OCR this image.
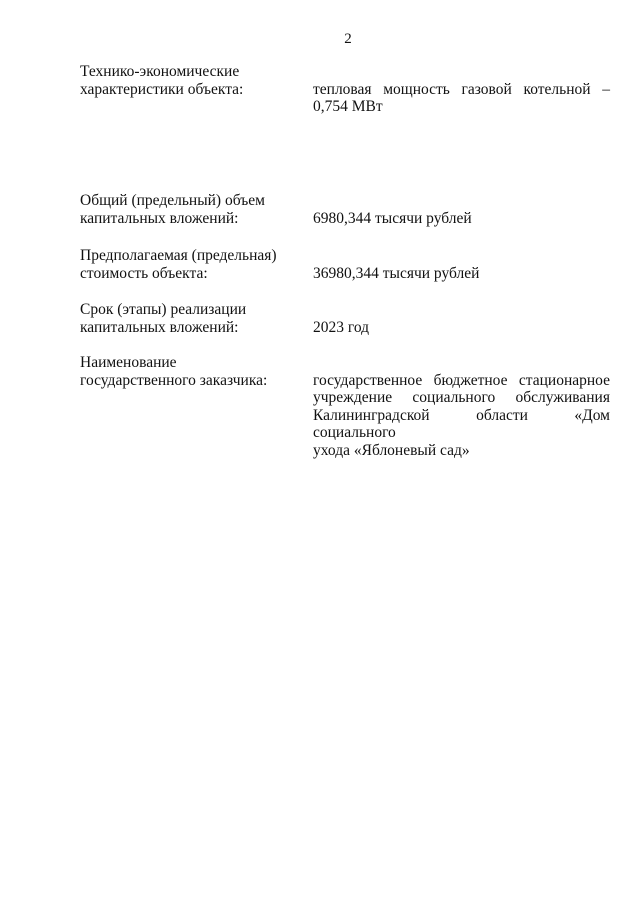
2
Технико-экономические
характеристики объекта:	тепловая мощность газовой котельной –
0,754 МВт
Общий (предельный) объем
капитальных вложений:	6980,344 тысячи рублей
Предполагаемая (предельная)
стоимость объекта:	36980,344 тысячи рублей
Срок (этапы) реализации
капитальных вложений:	2023 год
Наименование
государственного заказчика:	государственное бюджетное стационарное
учреждение социального обслуживания
Калининградской области «Дом социального
ухода «Яблоневый сад»
